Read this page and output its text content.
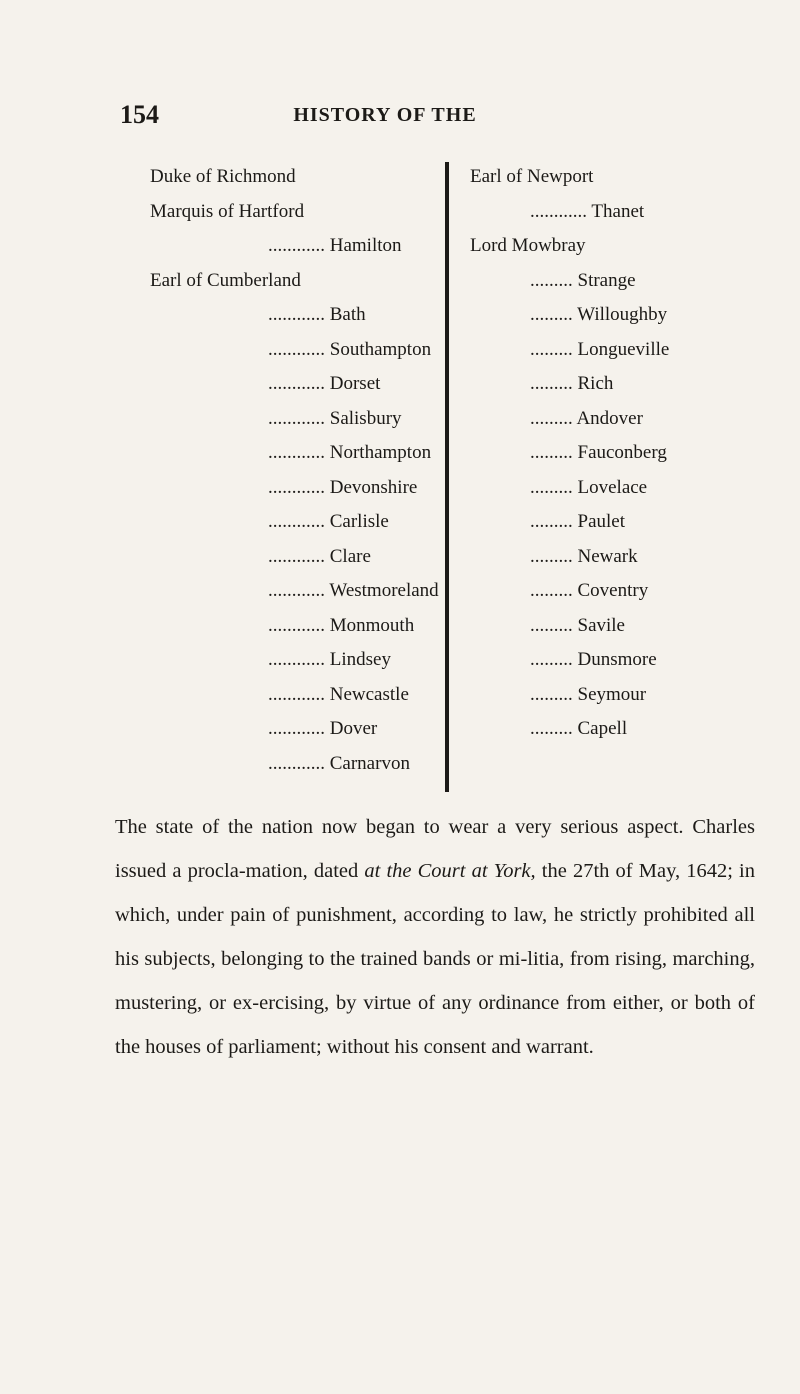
154	HISTORY OF THE
Duke of Richmond
Marquis of Hartford
............ Hamilton
Earl of Cumberland
............ Bath
............ Southampton
............ Dorset
............ Salisbury
............ Northampton
............ Devonshire
............ Carlisle
............ Clare
............ Westmoreland
............ Monmouth
............ Lindsey
............ Newcastle
............ Dover
............ Carnarvon
Earl of Newport
............ Thanet
Lord Mowbray
......... Strange
......... Willoughby
......... Longueville
......... Rich
......... Andover
......... Fauconberg
......... Lovelace
......... Paulet
......... Newark
......... Coventry
......... Savile
......... Dunsmore
......... Seymour
......... Capell

The state of the nation now began to wear a very serious aspect. Charles issued a procla-mation, dated at the Court at York, the 27th of May, 1642; in which, under pain of punishment, according to law, he strictly prohibited all his subjects, belonging to the trained bands or mi-litia, from rising, marching, mustering, or ex-ercising, by virtue of any ordinance from either, or both of the houses of parliament; without his consent and warrant.
